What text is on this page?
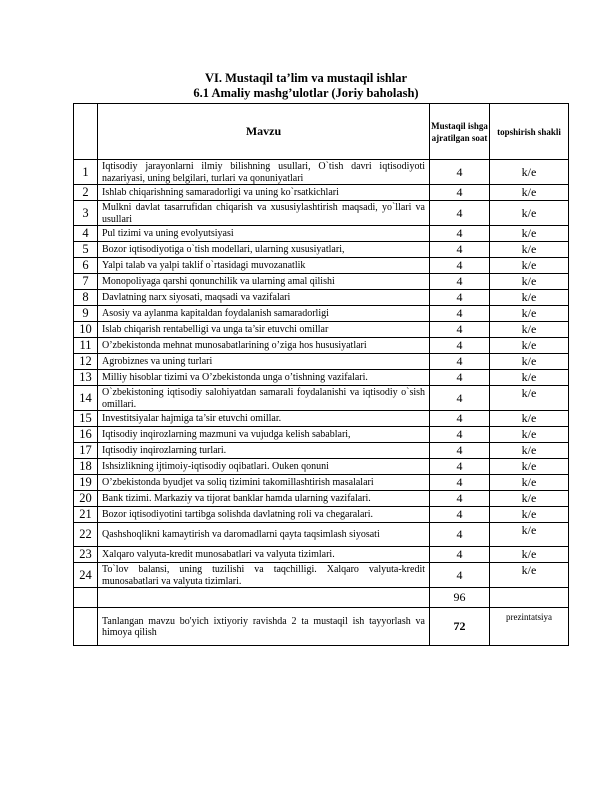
VI. Mustaqil ta’lim va mustaqil ishlar
6.1 Amaliy mashg’ulotlar (Joriy baholash)
	Mavzu	Mustaqil ishga ajratilgan soat	topshirish shakli
1	Iqtisodiy jarayonlarni ilmiy bilishning usullari, O`tish davri iqtisodiyoti nazariyasi, uning belgilari, turlari va qonuniyatlari	4	k/e
2	Ishlab chiqarishning samaradorligi va uning ko`rsatkichlari	4	k/e
3	Mulkni davlat tasarrufidan chiqarish va xususiylashtirish maqsadi, yo`llari va usullari	4	k/e
4	Pul tizimi va uning evolyutsiyasi	4	k/e
5	Bozor iqtisodiyotiga o`tish modellari, ularning xususiyatlari,	4	k/e
6	Yalpi talab va yalpi taklif o`rtasidagi muvozanatlik	4	k/e
7	Monopoliyaga qarshi qonunchilik va ularning amal qilishi	4	k/e
8	Davlatning narx siyosati, maqsadi va vazifalari	4	k/e
9	Asosiy va aylanma kapitaldan foydalanish samaradorligi	4	k/e
10	Islab chiqarish rentabelligi va unga ta’sir etuvchi omillar	4	k/e
11	O’zbekistonda mehnat munosabatlarining o’ziga hos hususiyatlari	4	k/e
12	Agrobiznes va uning turlari	4	k/e
13	Milliy hisoblar tizimi va O’zbekistonda unga o’tishning vazifalari.	4	k/e
14	O`zbekistoning iqtisodiy salohiyatdan samarali foydalanishi va iqtisodiy o`sish omillari.	4	k/e
15	Investitsiyalar hajmiga ta’sir etuvchi omillar.	4	k/e
16	Iqtisodiy inqirozlarning mazmuni va vujudga kelish sabablari,	4	k/e
17	Iqtisodiy inqirozlarning turlari.	4	k/e
18	Ishsizlikning ijtimoiy-iqtisodiy oqibatlari. Ouken qonuni	4	k/e
19	O’zbekistonda byudjet va soliq tizimini takomillashtirish masalalari	4	k/e
20	Bank tizimi. Markaziy va tijorat banklar hamda ularning vazifalari.	4	k/e
21	Bozor iqtisodiyotini tartibga solishda davlatning roli va chegaralari.	4	k/e
22	Qashshoqlikni kamaytirish va daromadlarni qayta taqsimlash siyosati	4	k/e
23	Xalqaro valyuta-kredit munosabatlari va valyuta tizimlari.	4	k/e
24	To`lov balansi, uning tuzilishi va taqchilligi. Xalqaro valyuta-kredit munosabatlari va valyuta tizimlari.	4	k/e
		96	
	Tanlangan mavzu bo'yich ixtiyoriy ravishda 2 ta mustaqil ish tayyorlash va himoya qilish	72	prezintatsiya
